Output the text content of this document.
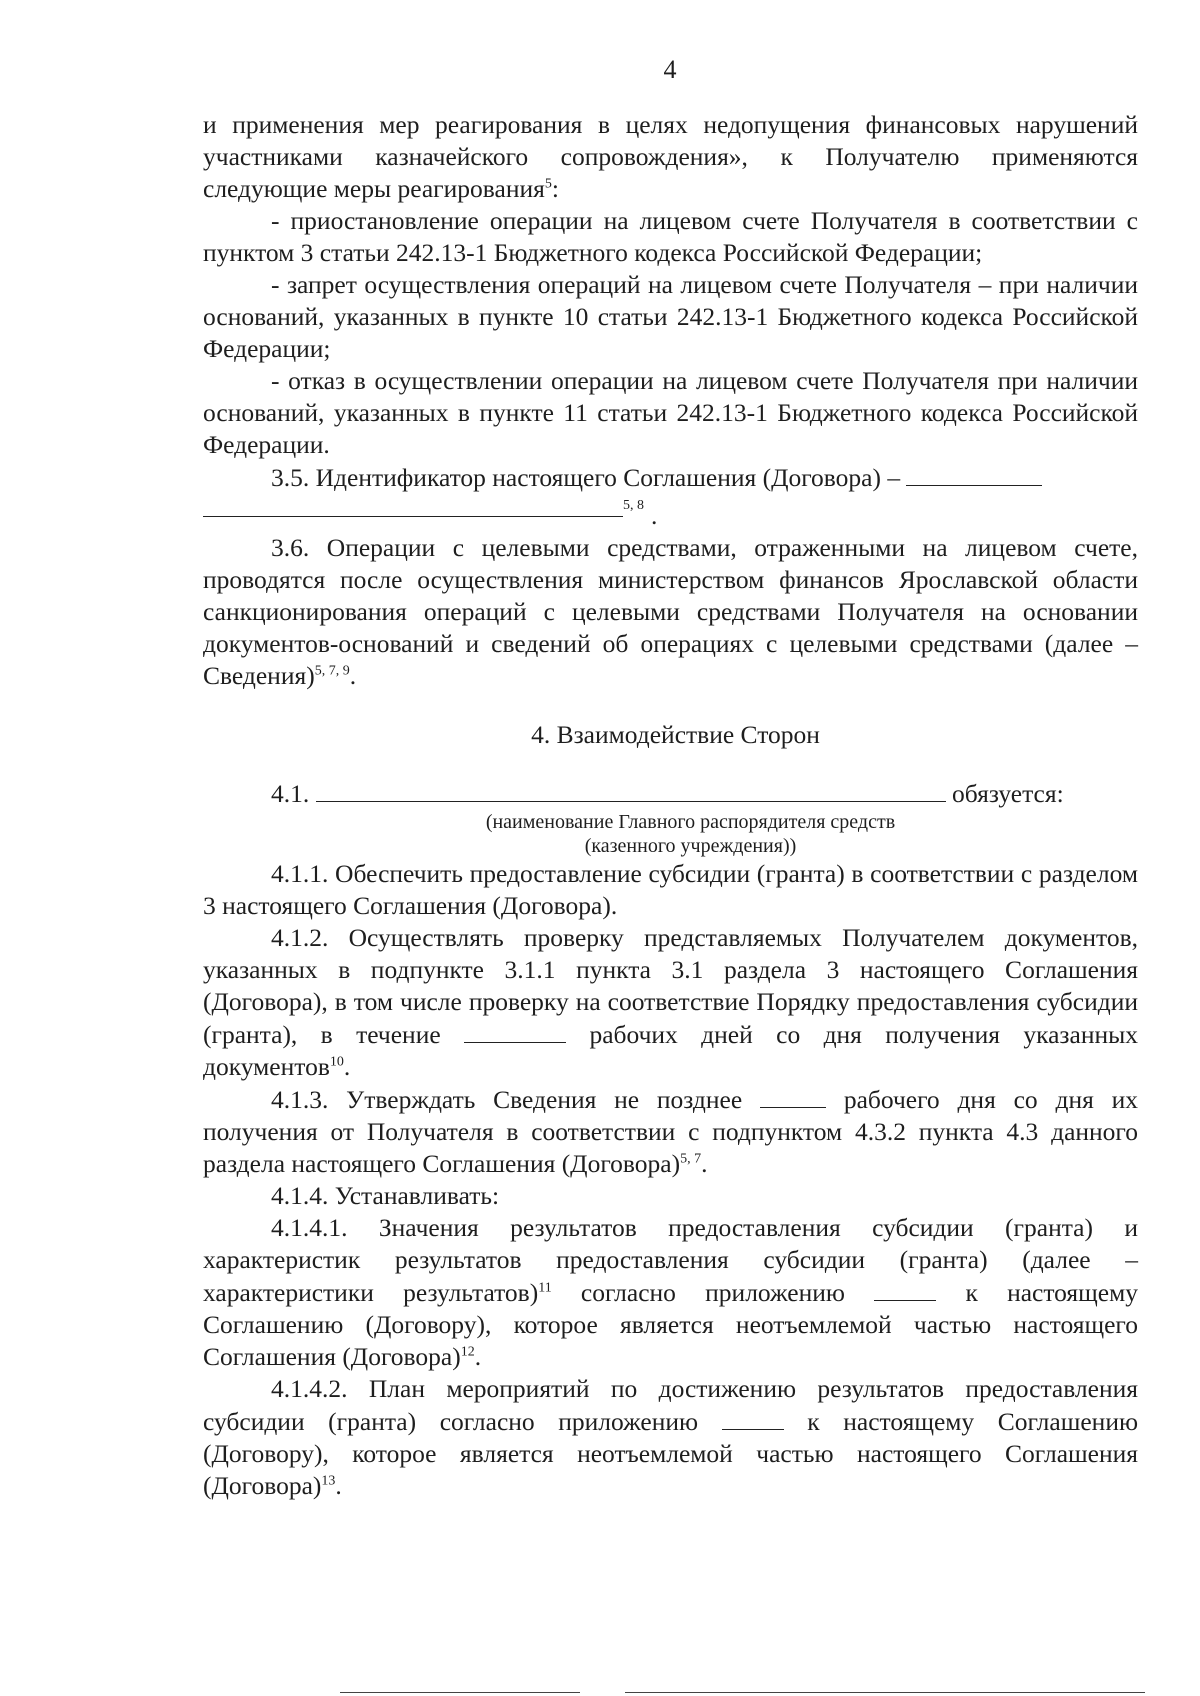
4

и применения мер реагирования в целях недопущения финансовых нарушений участниками казначейского сопровождения», к Получателю применяются следующие меры реагирования$^5$:

- приостановление операции на лицевом счете Получателя в соответствии с пунктом 3 статьи 242.13-1 Бюджетного кодекса Российской Федерации;

- запрет осуществления операций на лицевом счете Получателя – при наличии оснований, указанных в пункте 10 статьи 242.13-1 Бюджетного кодекса Российской Федерации;

- отказ в осуществлении операции на лицевом счете Получателя при наличии оснований, указанных в пункте 11 статьи 242.13-1 Бюджетного кодекса Российской Федерации.

3.5. Идентификатор настоящего Соглашения (Договора) –

5, 8 .

3.6. Операции с целевыми средствами, отраженными на лицевом счете, проводятся после осуществления министерством финансов Ярославской области санкционирования операций с целевыми средствами Получателя на основании документов-оснований и сведений об операциях с целевыми средствами (далее – Сведения)$^{5, 7, 9}$.

4. Взаимодействие Сторон

4.1.	обязуется:

(наименование Главного распорядителя средств

(казенного учреждения))

4.1.1. Обеспечить предоставление субсидии (гранта) в соответствии с разделом 3 настоящего Соглашения (Договора).

4.1.2. Осуществлять проверку представляемых Получателем документов, указанных в подпункте 3.1.1 пункта 3.1 раздела 3 настоящего Соглашения (Договора), в том числе проверку на соответствие Порядку предоставления субсидии (гранта), в течение	рабочих дней со дня получения указанных документов$^{10}$.

4.1.3. Утверждать Сведения не позднее	рабочего дня со дня их получения от Получателя в соответствии с подпунктом 4.3.2 пункта 4.3 данного раздела настоящего Соглашения (Договора)$^{5, 7}$.

4.1.4. Устанавливать:

4.1.4.1. Значения результатов предоставления субсидии (гранта) и характеристик результатов предоставления субсидии (гранта) (далее – характеристики результатов)$^{11}$ согласно приложению	к настоящему Соглашению (Договору), которое является неотъемлемой частью настоящего Соглашения (Договора)$^{12}$.

4.1.4.2. План мероприятий по достижению результатов предоставления субсидии (гранта) согласно приложению	к настоящему Соглашению (Договору), которое является неотъемлемой частью настоящего Соглашения (Договора)$^{13}$.
